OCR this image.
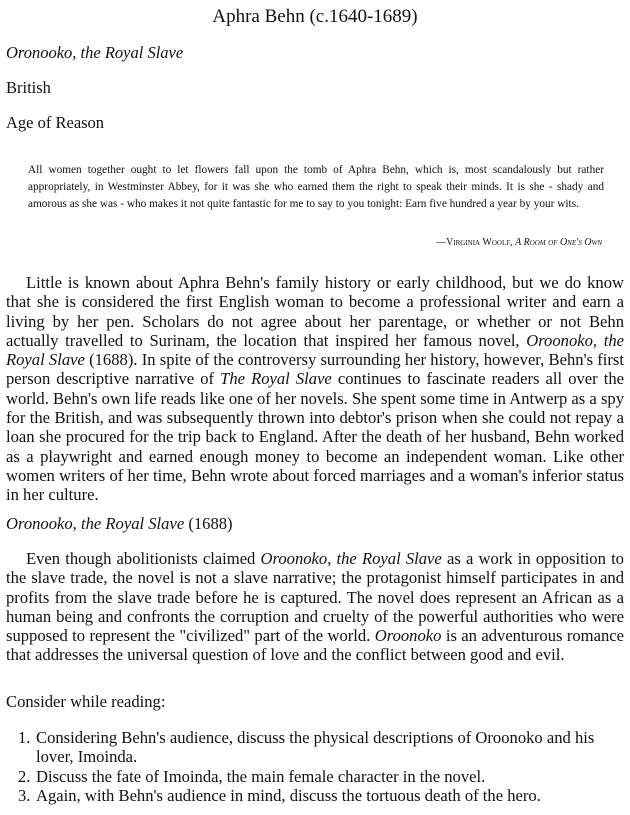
Aphra Behn (c.1640-1689)

Oronooko, the Royal Slave

British

Age of Reason

All women together ought to let flowers fall upon the tomb of Aphra Behn, which is, most scandalously but rather appropriately, in Westminster Abbey, for it was she who earned them the right to speak their minds. It is she - shady and amorous as she was - who makes it not quite fantastic for me to say to you tonight: Earn five hundred a year by your wits.

—Virginia Woolf, A Room of One's Own

Little is known about Aphra Behn's family history or early childhood, but we do know that she is considered the first English woman to become a professional writer and earn a living by her pen. Scholars do not agree about her parentage, or whether or not Behn actually travelled to Surinam, the location that inspired her famous novel, Oroonoko, the Royal Slave (1688). In spite of the controversy surrounding her history, however, Behn's first person descriptive narrative of The Royal Slave continues to fascinate readers all over the world. Behn's own life reads like one of her novels. She spent some time in Antwerp as a spy for the British, and was subsequently thrown into debtor's prison when she could not repay a loan she procured for the trip back to England. After the death of her husband, Behn worked as a playwright and earned enough money to become an independent woman. Like other women writers of her time, Behn wrote about forced marriages and a woman's inferior status in her culture.

Oronooko, the Royal Slave (1688)

Even though abolitionists claimed Oroonoko, the Royal Slave as a work in opposition to the slave trade, the novel is not a slave narrative; the protagonist himself participates in and profits from the slave trade before he is captured. The novel does represent an African as a human being and confronts the corruption and cruelty of the powerful authorities who were supposed to represent the "civilized" part of the world. Oroonoko is an adventurous romance that addresses the universal question of love and the conflict between good and evil.

Consider while reading:

1. Considering Behn's audience, discuss the physical descriptions of Oroonoko and his lover, Imoinda.
2. Discuss the fate of Imoinda, the main female character in the novel.
3. Again, with Behn's audience in mind, discuss the tortuous death of the hero.
